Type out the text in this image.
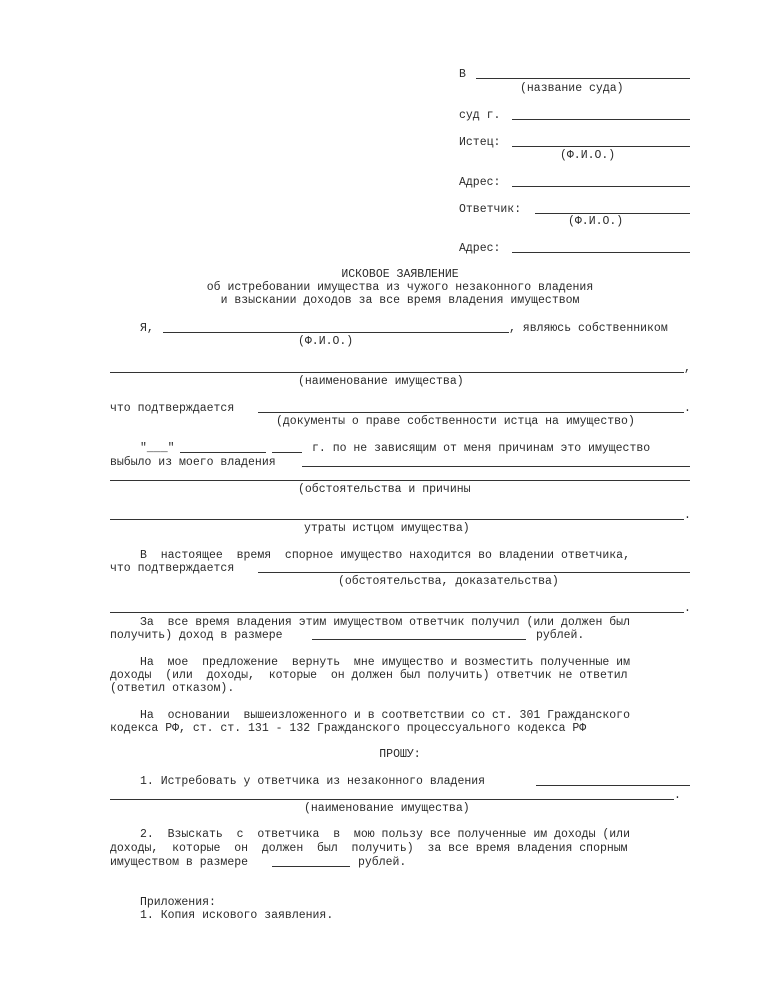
В
(название суда)
суд г.
Истец:
(Ф.И.О.)
Адрес:
Ответчик:
(Ф.И.О.)
Адрес:
ИСКОВОЕ ЗАЯВЛЕНИЕ
об истребовании имущества из чужого незаконного владения
и взыскании доходов за все время владения имуществом
Я,	, являюсь собственником
(Ф.И.О.)
,
(наименование имущества)
что подтверждается	.
(документы о праве собственности истца на имуществo)
"___"	г. по не зависящим от меня причинам это имущество
выбыло из моего владения
(обстоятельства и причины
.
утраты истцом имущества)
В  настоящее  время  спорное имущество находится во владении ответчика,
что подтверждается
(обстоятельства, доказательства)
.
За  все время владения этим имуществом ответчик получил (или должен был
получить) доход в размере	рублей.
На  мое  предложение  вернуть  мне имущество и возместить полученные им
доходы  (или  доходы,  которые  он должен был получить) ответчик не ответил
(ответил отказом).
На  основании  вышеизложенного и в соответствии со ст. 301 Гражданского
кодекса РФ, ст. ст. 131 - 132 Гражданского процессуального кодекса РФ
ПРОШУ:
1. Истребовать у ответчика из незаконного владения
.
(наименование имущества)
2.  Взыскать  с  ответчика  в  мою пользу все полученные им доходы (или
доходы,  которые  он  должен  был  получить)  за все время владения спорным
имуществом в размере	рублей.
Приложения:
1. Копия искового заявления.
